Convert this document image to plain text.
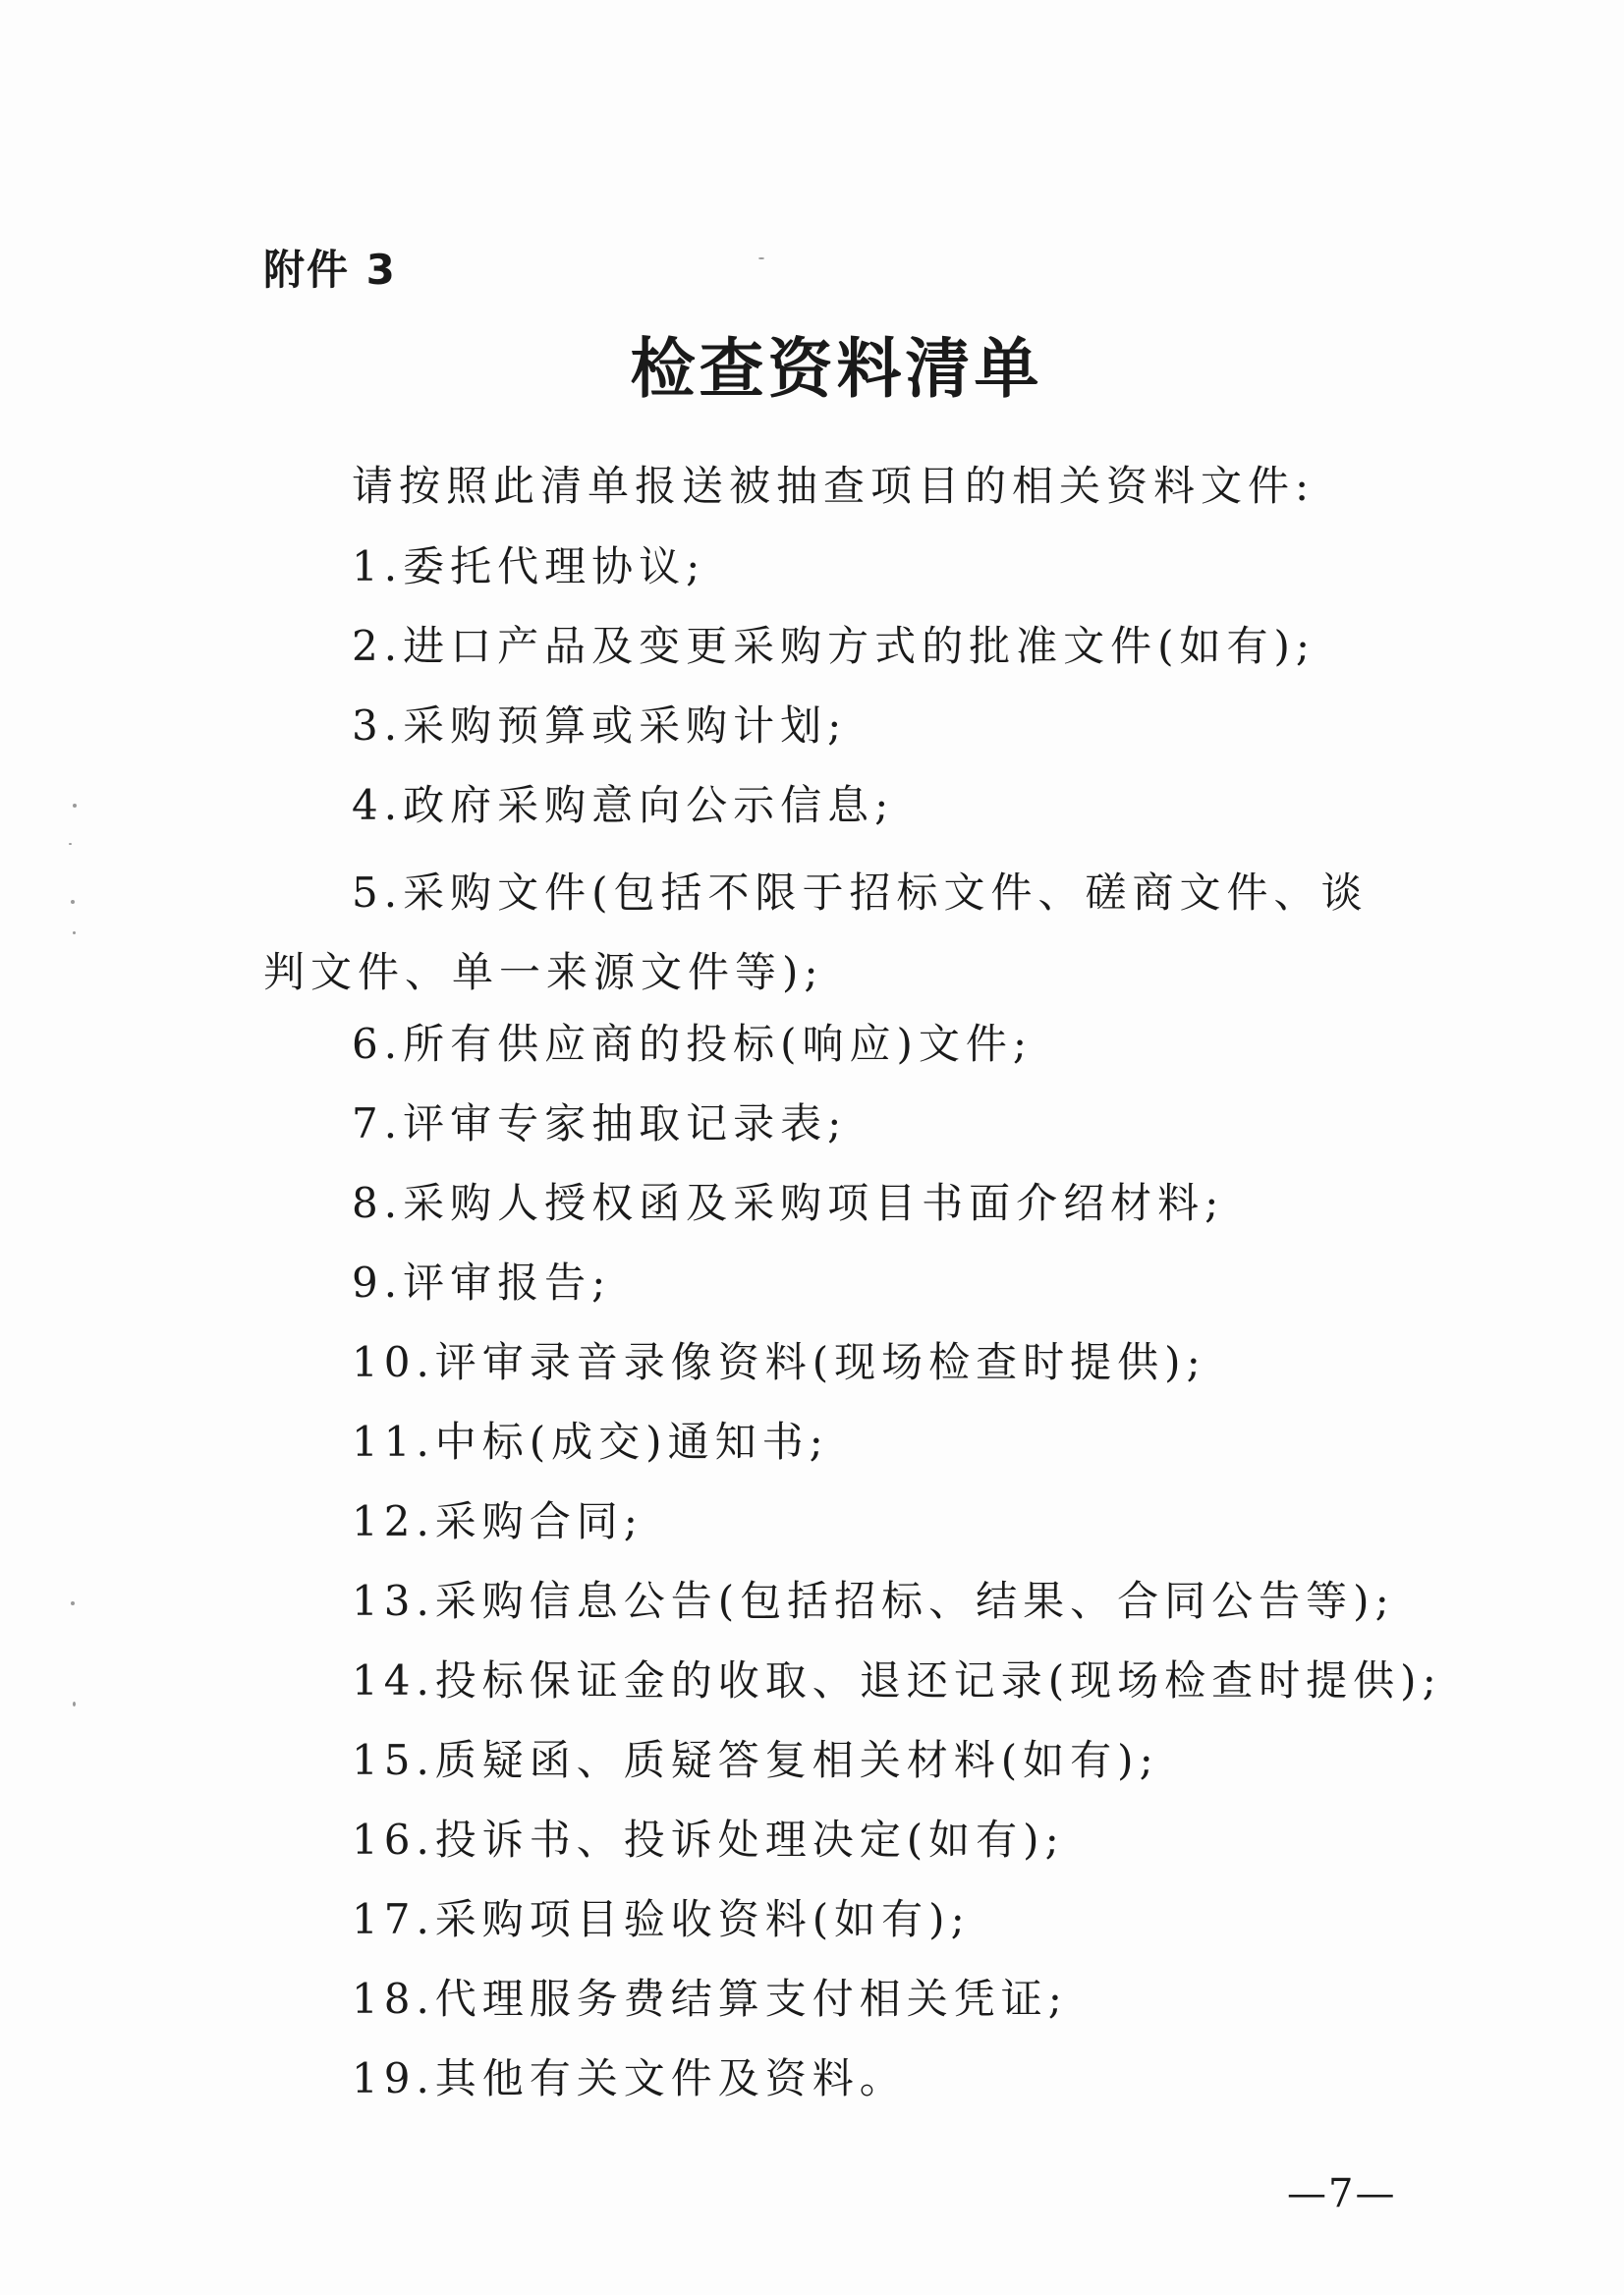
附件 3
检查资料清单
请按照此清单报送被抽查项目的相关资料文件:
1.委托代理协议;
2.进口产品及变更采购方式的批准文件(如有);
3.采购预算或采购计划;
4.政府采购意向公示信息;
5.采购文件(包括不限于招标文件、磋商文件、谈判文件、单一来源文件等);
6.所有供应商的投标(响应)文件;
7.评审专家抽取记录表;
8.采购人授权函及采购项目书面介绍材料;
9.评审报告;
10.评审录音录像资料(现场检查时提供);
11.中标(成交)通知书;
12.采购合同;
13.采购信息公告(包括招标、结果、合同公告等);
14.投标保证金的收取、退还记录(现场检查时提供);
15.质疑函、质疑答复相关材料(如有);
16.投诉书、投诉处理决定(如有);
17.采购项目验收资料(如有);
18.代理服务费结算支付相关凭证;
19.其他有关文件及资料。
—7—
